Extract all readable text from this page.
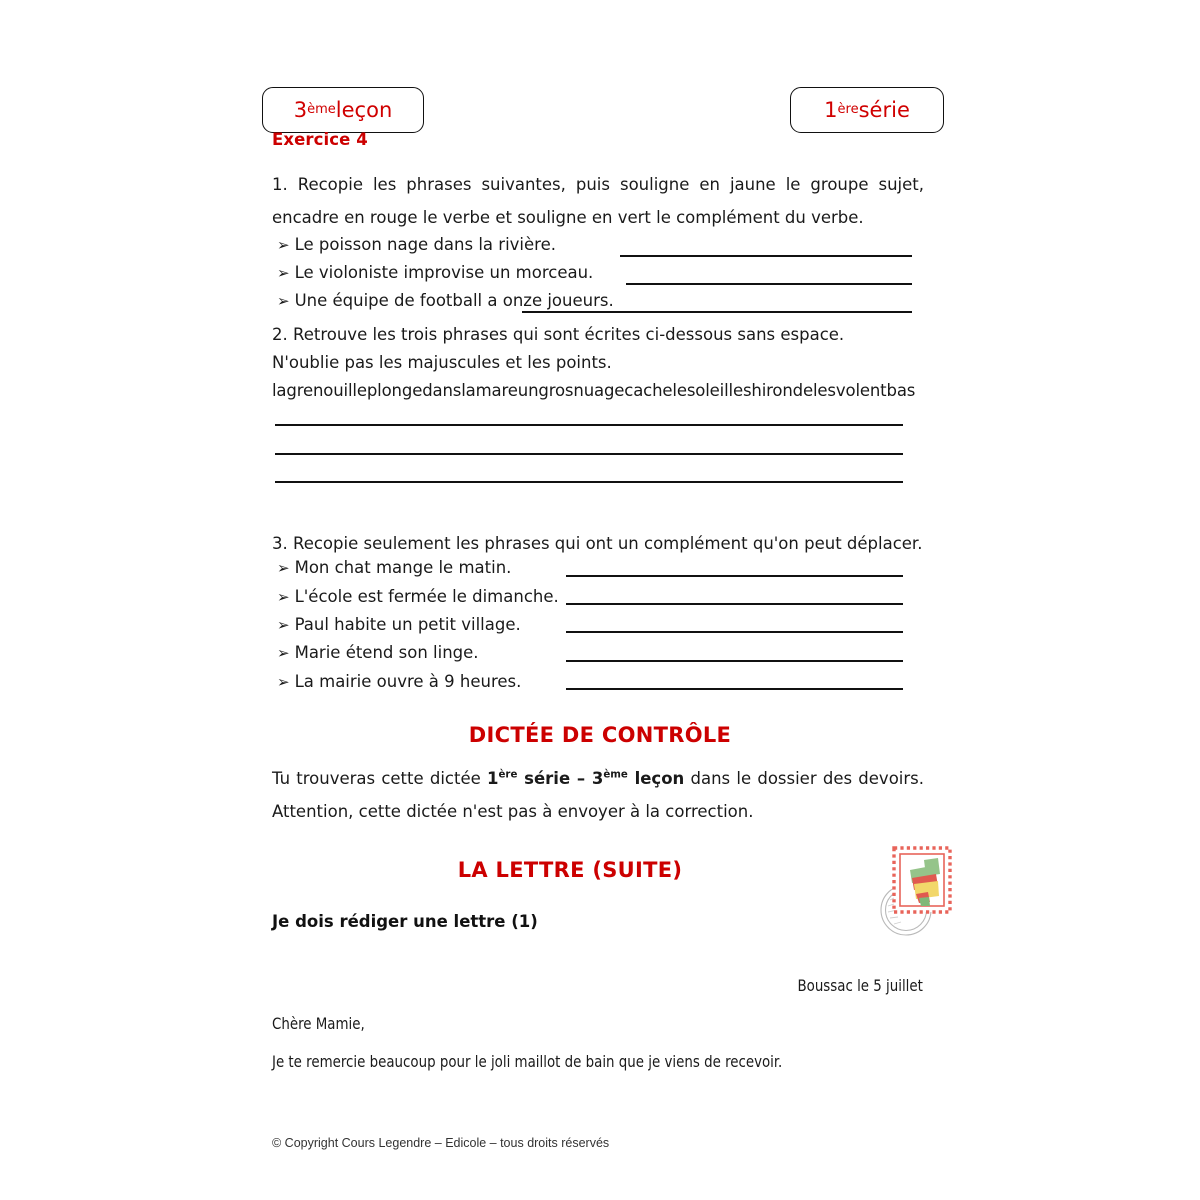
3 ème leçon	1 ère série
Exercice 4
1. Recopie les phrases suivantes, puis souligne en jaune le groupe sujet, encadre en rouge le verbe et souligne en vert le complément du verbe.
➢ Le poisson nage dans la rivière.
➢ Le violoniste improvise un morceau.
➢ Une équipe de football a onze joueurs.
2. Retrouve les trois phrases qui sont écrites ci-dessous sans espace.
N'oublie pas les majuscules et les points.
lagrenouilleplongedanslamareungrosnuagecachelesoleilleshirondelesvolentbas
3. Recopie seulement les phrases qui ont un complément qu'on peut déplacer.
➢ Mon chat mange le matin.
➢ L'école est fermée le dimanche.
➢ Paul habite un petit village.
➢ Marie étend son linge.
➢ La mairie ouvre à 9 heures.
DICTÉE DE CONTRÔLE
Tu trouveras cette dictée 1ère série – 3ème leçon dans le dossier des devoirs. Attention, cette dictée n'est pas à envoyer à la correction.
LA LETTRE (SUITE)
Je dois rédiger une lettre (1)
Boussac le 5 juillet
Chère Mamie,
Je te remercie beaucoup pour le joli maillot de bain que je viens de recevoir.
© Copyright Cours Legendre – Edicole – tous droits réservés
